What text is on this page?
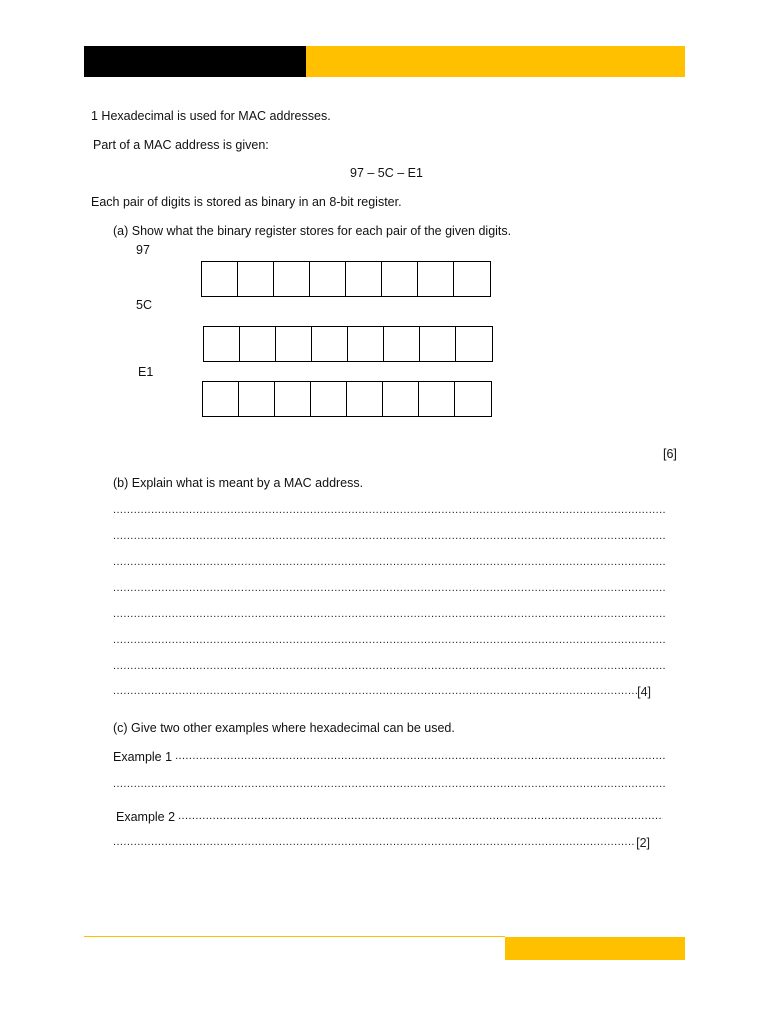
1 Hexadecimal is used for MAC addresses.
Part of a MAC address is given:
97 – 5C – E1
Each pair of digits is stored as binary in an 8-bit register.
(a) Show what the binary register stores for each pair of the given digits.
97
5C
E1
[6]
(b) Explain what is meant by a MAC address.
.....
.....
.....
.....
.....
.....
.....
.....
[4]
(c) Give two other examples where hexadecimal can be used.
Example 1
.....
.....
Example 2
.....
.....
[2]
